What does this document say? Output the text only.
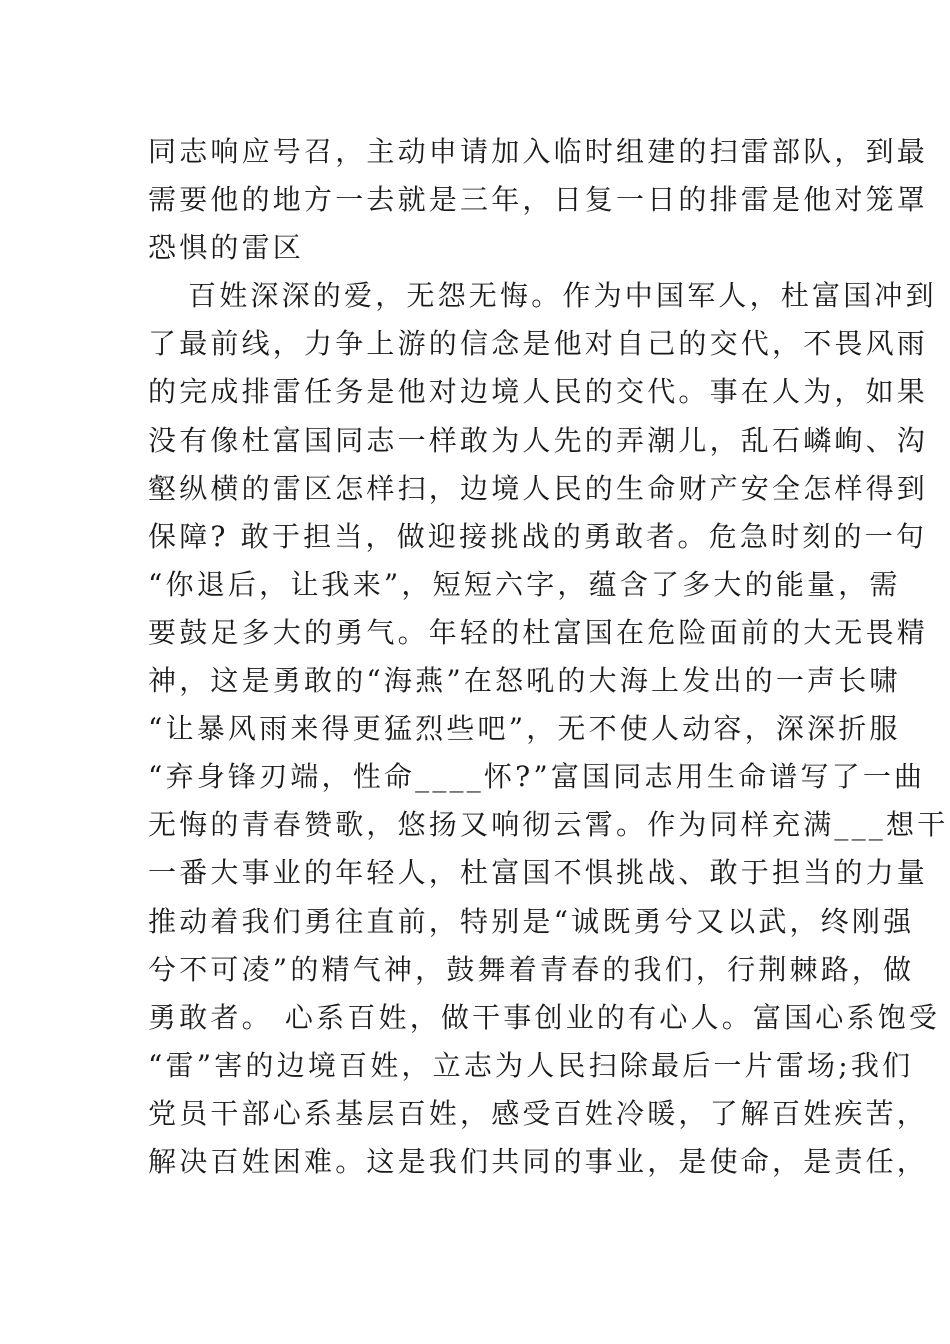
同志响应号召，主动申请加入临时组建的扫雷部队，到最
需要他的地方一去就是三年，日复一日的排雷是他对笼罩
恐惧的雷区
百姓深深的爱，无怨无悔。作为中国军人，杜富国冲到
了最前线，力争上游的信念是他对自己的交代，不畏风雨
的完成排雷任务是他对边境人民的交代。事在人为，如果
没有像杜富国同志一样敢为人先的弄潮儿，乱石嶙峋、沟
壑纵横的雷区怎样扫，边境人民的生命财产安全怎样得到
保障? 敢于担当，做迎接挑战的勇敢者。危急时刻的一句
“你退后，让我来”，短短六字，蕴含了多大的能量，需
要鼓足多大的勇气。年轻的杜富国在危险面前的大无畏精
神，这是勇敢的“海燕”在怒吼的大海上发出的一声长啸
“让暴风雨来得更猛烈些吧”，无不使人动容，深深折服
“弃身锋刃端，性命____怀?”富国同志用生命谱写了一曲
无悔的青春赞歌，悠扬又响彻云霄。作为同样充满___想干
一番大事业的年轻人，杜富国不惧挑战、敢于担当的力量
推动着我们勇往直前，特别是“诚既勇兮又以武，终刚强
兮不可凌”的精气神，鼓舞着青春的我们，行荆棘路，做
勇敢者。 心系百姓，做干事创业的有心人。富国心系饱受
“雷”害的边境百姓，立志为人民扫除最后一片雷场;我们
党员干部心系基层百姓，感受百姓冷暖，了解百姓疾苦，
解决百姓困难。这是我们共同的事业，是使命，是责任，
